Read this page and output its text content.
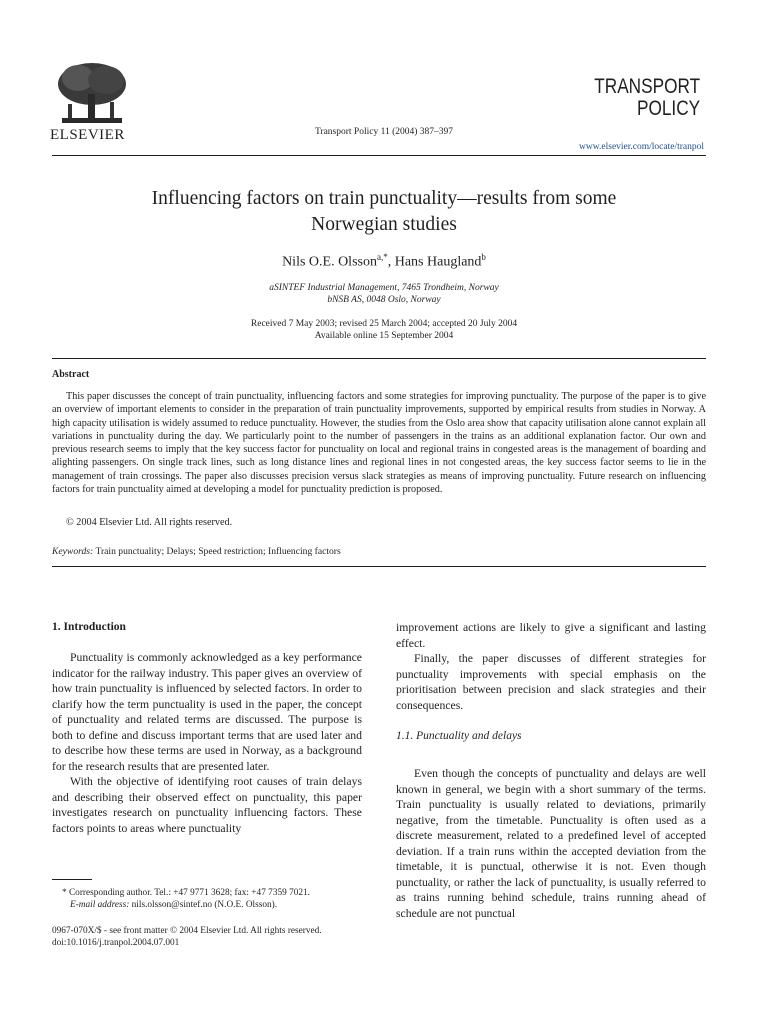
ELSEVIER	Transport Policy 11 (2004) 387–397
TRANSPORT
POLICY
www.elsevier.com/locate/tranpol
Influencing factors on train punctuality—results from some
Norwegian studies
Nils O.E. Olsson$^{a,*}$, Hans Haugland$^b$
aSINTEF Industrial Management, 7465 Trondheim, Norway
bNSB AS, 0048 Oslo, Norway
Received 7 May 2003; revised 25 March 2004; accepted 20 July 2004
Available online 15 September 2004
Abstract
This paper discusses the concept of train punctuality, influencing factors and some strategies for improving punctuality. The purpose of the paper is to give an overview of important elements to consider in the preparation of train punctuality improvements, supported by empirical results from studies in Norway. A high capacity utilisation is widely assumed to reduce punctuality. However, the studies from the Oslo area show that capacity utilisation alone cannot explain all variations in punctuality during the day. We particularly point to the number of passengers in the trains as an additional explanation factor. Our own and previous research seems to imply that the key success factor for punctuality on local and regional trains in congested areas is the management of boarding and alighting passengers. On single track lines, such as long distance lines and regional lines in not congested areas, the key success factor seems to lie in the management of train crossings. The paper also discusses precision versus slack strategies as means of improving punctuality. Future research on influencing factors for train punctuality aimed at developing a model for punctuality prediction is proposed.
© 2004 Elsevier Ltd. All rights reserved.
Keywords: Train punctuality; Delays; Speed restriction; Influencing factors
1. Introduction

Punctuality is commonly acknowledged as a key performance indicator for the railway industry. This paper gives an overview of how train punctuality is influenced by selected factors. In order to clarify how the term punctuality is used in the paper, the concept of punctuality and related terms are discussed. The purpose is both to define and discuss important terms that are used later and to describe how these terms are used in Norway, as a background for the research results that are presented later.

With the objective of identifying root causes of train delays and describing their observed effect on punctuality, this paper investigates research on punctuality influencing factors. These factors points to areas where punctuality

* Corresponding author. Tel.: +47 9771 3628; fax: +47 7359 7021.
E-mail address: nils.olsson@sintef.no (N.O.E. Olsson).
0967-070X/$ - see front matter © 2004 Elsevier Ltd. All rights reserved.
doi:10.1016/j.tranpol.2004.07.001

improvement actions are likely to give a significant and lasting effect.

Finally, the paper discusses of different strategies for punctuality improvements with special emphasis on the prioritisation between precision and slack strategies and their consequences.

1.1. Punctuality and delays

Even though the concepts of punctuality and delays are well known in general, we begin with a short summary of the terms. Train punctuality is usually related to deviations, primarily negative, from the timetable. Punctuality is often used as a discrete measurement, related to a predefined level of accepted deviation. If a train runs within the accepted deviation from the timetable, it is punctual, otherwise it is not. Even though punctuality, or rather the lack of punctuality, is usually referred to as trains running behind schedule, trains running ahead of schedule are not punctual
